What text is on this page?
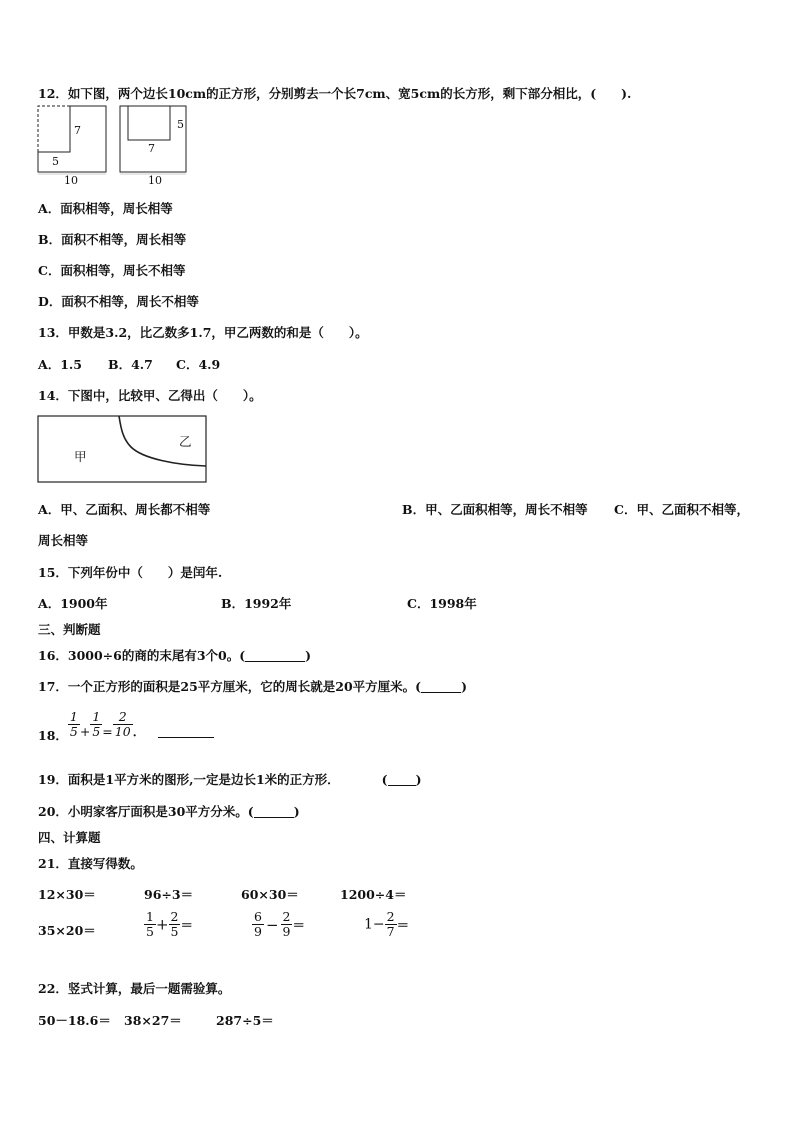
12．如下图，两个边长10cm的正方形，分别剪去一个长7cm、宽5cm的长方形，剩下部分相比，(　　).
7
5
10
5
7
10
A．面积相等，周长相等
B．面积不相等，周长相等
C．面积相等，周长不相等
D．面积不相等，周长不相等
13．甲数是3.2，比乙数多1.7，甲乙两数的和是（　　）。
A．1.5 B．4.7 C．4.9
14．下图中，比较甲、乙得出（　　）。
甲
乙
A．甲、乙面积、周长都不相等	B．甲、乙面积相等，周长不相等 C．甲、乙面积不相等，
周长相等
15．下列年份中（　　）是闰年.
A．1900年	B．1992年	C．1998年
三、判断题
16．3000÷6的商的末尾有3个0。(	)
17．一个正方形的面积是25平方厘米，它的周长就是20平方厘米。(	)
18． $\frac{1}{5} + \frac{1}{5} = \frac{2}{10}$ ．
19．面积是1平方米的图形,一定是边长1米的正方形．	( )
20．小明家客厅面积是30平方分米。(	)
四、计算题
21．直接写得数。
12×30＝	96÷3＝	60×30＝	1200÷4＝
35×20＝	$\frac{1}{5} + \frac{2}{5}$ ＝	$\frac{6}{9} - \frac{2}{9}$ ＝	$1- \frac{2}{7}$ ＝
22．竖式计算，最后一题需验算。
50－18.6＝ 38×27＝	287÷5＝
